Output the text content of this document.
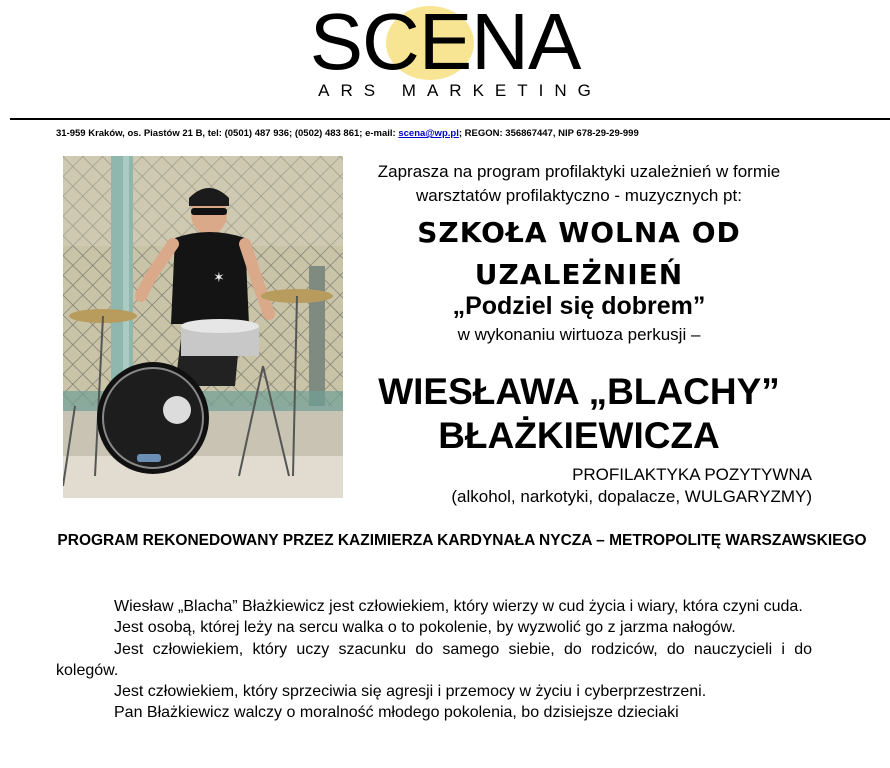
SCENA
ARS MARKETING
31-959 Kraków, os. Piastów 21 B, tel: (0501) 487 936; (0502) 483 861; e-mail: scena@wp.pl; REGON: 356867447, NIP 678-29-29-999
✶
Zaprasza na program profilaktyki uzależnień w formie warsztatów profilaktyczno - muzycznych pt:
SZKOŁA WOLNA OD UZALEŻNIEŃ
„Podziel się dobrem”
w wykonaniu wirtuoza perkusji –
WIESŁAWA „BLACHY” BŁAŻKIEWICZA
PROFILAKTYKA POZYTYWNA
(alkohol, narkotyki, dopalacze, WULGARYZMY)
PROGRAM REKONEDOWANY PRZEZ KAZIMIERZA KARDYNAŁA NYCZA – METROPOLITĘ WARSZAWSKIEGO

Wiesław „Blacha” Błażkiewicz jest człowiekiem, który wierzy w cud życia i wiary, która czyni cuda.

Jest osobą, której leży na sercu walka o to pokolenie, by wyzwolić go z jarzma nałogów.

Jest człowiekiem, który uczy szacunku do samego siebie, do rodziców, do nauczycieli i do kolegów.

Jest człowiekiem, który sprzeciwia się agresji i przemocy w życiu i cyberprzestrzeni.

Pan Błażkiewicz walczy o moralność młodego pokolenia, bo dzisiejsze dzieciaki
